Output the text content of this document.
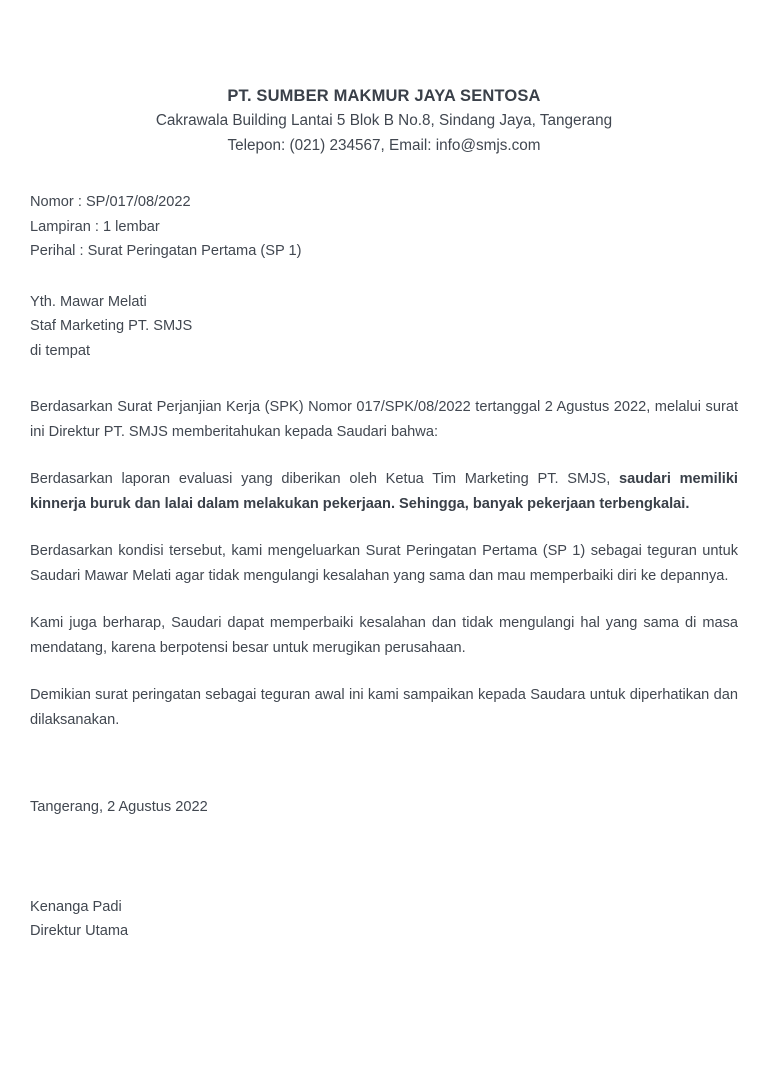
PT. SUMBER MAKMUR JAYA SENTOSA
Cakrawala Building Lantai 5 Blok B No.8, Sindang Jaya, Tangerang
Telepon: (021) 234567, Email: info@smjs.com
Nomor : SP/017/08/2022
Lampiran : 1 lembar
Perihal : Surat Peringatan Pertama (SP 1)
Yth. Mawar Melati
Staf Marketing PT. SMJS
di tempat

Berdasarkan Surat Perjanjian Kerja (SPK) Nomor 017/SPK/08/2022 tertanggal 2 Agustus 2022, melalui surat ini Direktur PT. SMJS memberitahukan kepada Saudari bahwa:

Berdasarkan laporan evaluasi yang diberikan oleh Ketua Tim Marketing PT. SMJS, saudari memiliki kinnerja buruk dan lalai dalam melakukan pekerjaan. Sehingga, banyak pekerjaan terbengkalai.

Berdasarkan kondisi tersebut, kami mengeluarkan Surat Peringatan Pertama (SP 1) sebagai teguran untuk Saudari Mawar Melati agar tidak mengulangi kesalahan yang sama dan mau memperbaiki diri ke depannya.

Kami juga berharap, Saudari dapat memperbaiki kesalahan dan tidak mengulangi hal yang sama di masa mendatang, karena berpotensi besar untuk merugikan perusahaan.

Demikian surat peringatan sebagai teguran awal ini kami sampaikan kepada Saudara untuk diperhatikan dan dilaksanakan.

Tangerang, 2 Agustus 2022
Kenanga Padi
Direktur Utama
